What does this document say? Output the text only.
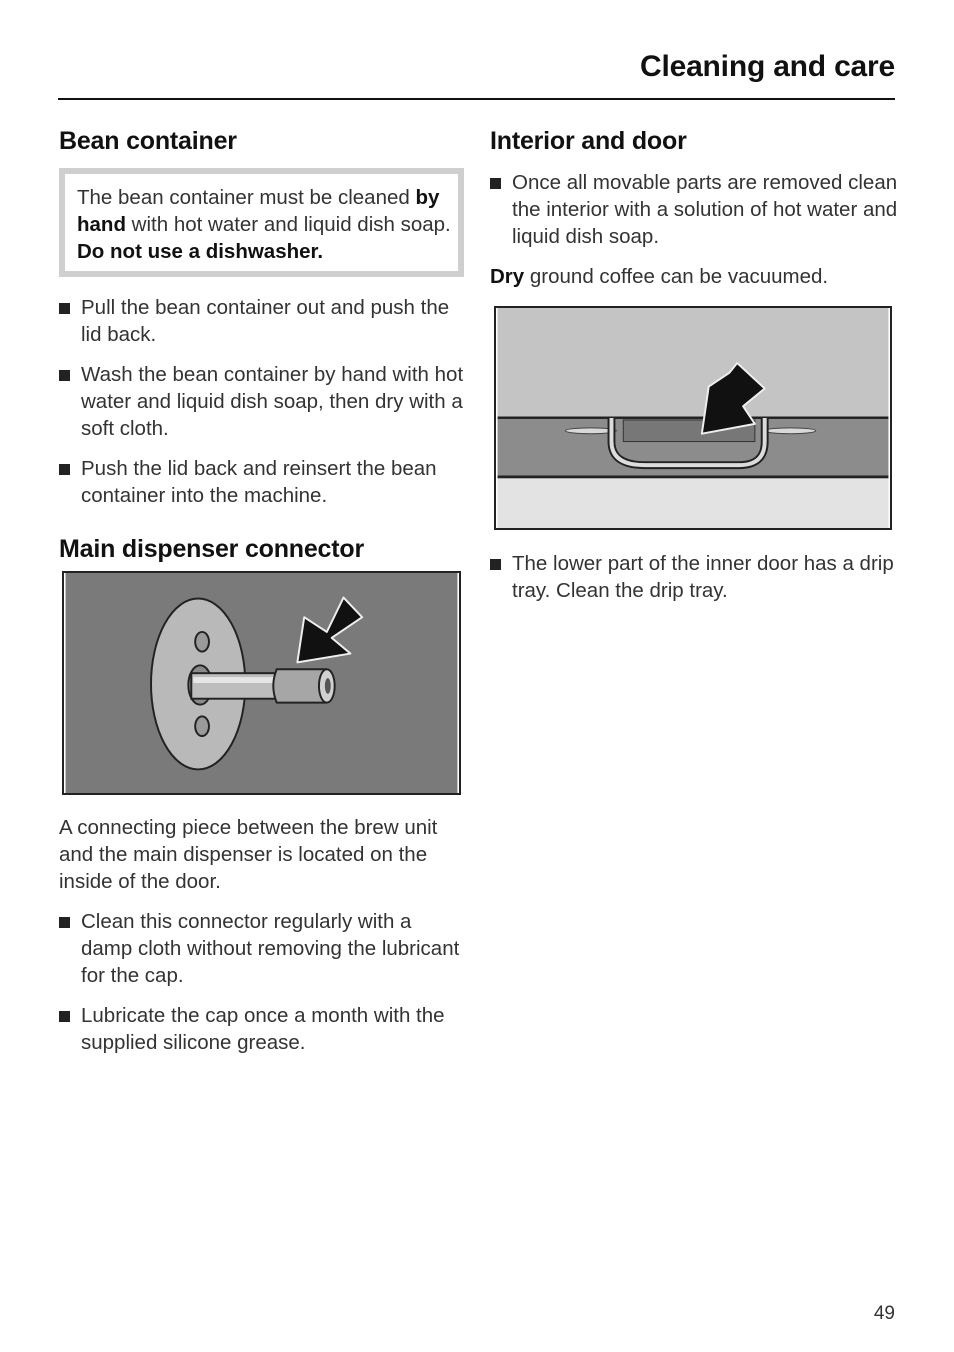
Cleaning and care
Bean container

The bean container must be cleaned by hand with hot water and liquid dish soap. Do not use a dishwasher.

Pull the bean container out and push the lid back.
Wash the bean container by hand with hot water and liquid dish soap, then dry with a soft cloth.
Push the lid back and reinsert the bean container into the machine.
Main dispenser connector

A connecting piece between the brew unit and the main dispenser is located on the inside of the door.

Clean this connector regularly with a damp cloth without removing the lubricant for the cap.
Lubricate the cap once a month with the supplied silicone grease.
Interior and door
Once all movable parts are removed clean the interior with a solution of hot water and liquid dish soap.

Dry ground coffee can be vacuumed.

The lower part of the inner door has a drip tray. Clean the drip tray.

49
